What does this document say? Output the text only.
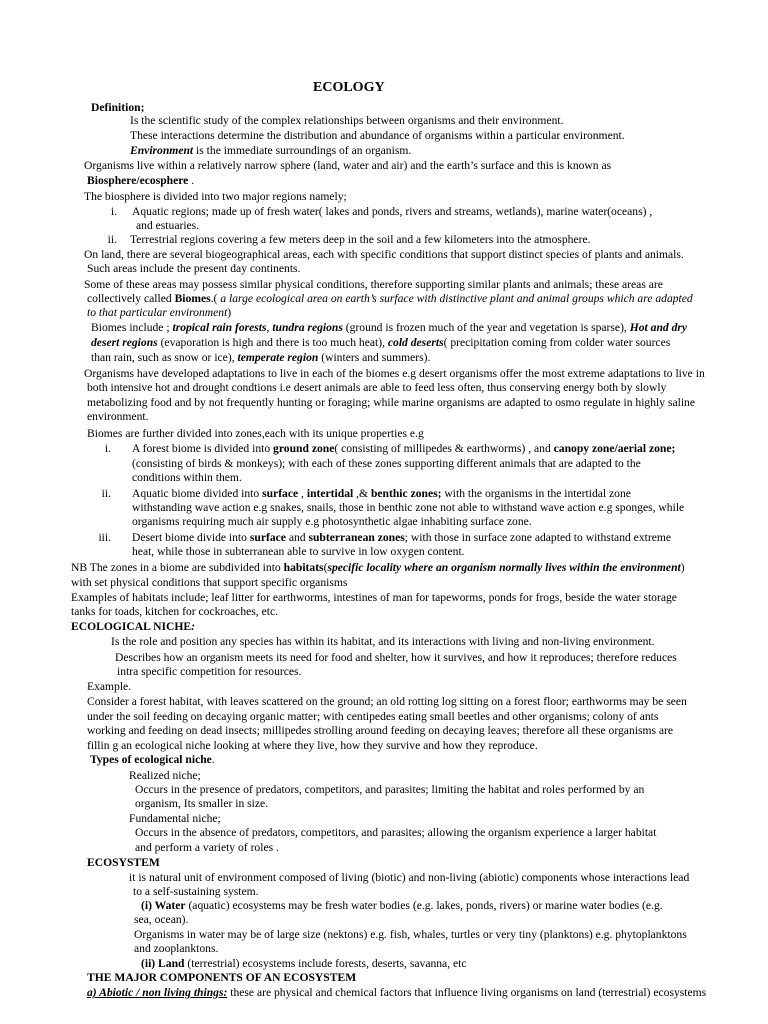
ECOLOGY
Definition;
Is the scientific study of the complex relationships between organisms and their environment.
These interactions determine the distribution and abundance of organisms within a particular environment.
Environment is the immediate surroundings of an organism.
Organisms live within a relatively narrow sphere (land, water and air) and the earth’s surface and this is known as
Biosphere/ecosphere .
The biosphere is divided into two major regions namely;
i. Aquatic regions; made up of fresh water( lakes and ponds, rivers and streams, wetlands), marine water(oceans) ,
and estuaries.
ii. Terrestrial regions covering a few meters deep in the soil and a few kilometers into the atmosphere.
On land, there are several biogeographical areas, each with specific conditions that support distinct species of plants and animals.
Such areas include the present day continents.
Some of these areas may possess similar physical conditions, therefore supporting similar plants and animals; these areas are
collectively called Biomes.( a large ecological area on earth’s surface with distinctive plant and animal groups which are adapted
to that particular environment)
Biomes include ; tropical rain forests, tundra regions (ground is frozen much of the year and vegetation is sparse), Hot and dry
desert regions (evaporation is high and there is too much heat), cold deserts( precipitation coming from colder water sources
than rain, such as snow or ice), temperate region (winters and summers).
Organisms have developed adaptations to live in each of the biomes e.g desert organisms offer the most extreme adaptations to live in
both intensive hot and drought condtions i.e desert animals are able to feed less often, thus conserving energy both by slowly
metabolizing food and by not frequently hunting or foraging; while marine organisms are adapted to osmo regulate in highly saline
environment.
Biomes are further divided into zones,each with its unique properties e.g
i. A forest biome is divided into ground zone( consisting of millipedes & earthworms) , and canopy zone/aerial zone;
(consisting of birds & monkeys); with each of these zones supporting different animals that are adapted to the
conditions within them.
ii. Aquatic biome divided into surface , intertidal ,& benthic zones; with the organisms in the intertidal zone
withstanding wave action e.g snakes, snails, those in benthic zone not able to withstand wave action e.g sponges, while
organisms requiring much air supply e.g photosynthetic algae inhabiting surface zone.
iii. Desert biome divide into surface and subterranean zones; with those in surface zone adapted to withstand extreme
heat, while those in subterranean able to survive in low oxygen content.
NB The zones in a biome are subdivided into habitats(specific locality where an organism normally lives within the environment)
with set physical conditions that support specific organisms
Examples of habitats include; leaf litter for earthworms, intestines of man for tapeworms, ponds for frogs, beside the water storage
tanks for toads, kitchen for cockroaches, etc.
ECOLOGICAL NICHE:
Is the role and position any species has within its habitat, and its interactions with living and non-living environment.
Describes how an organism meets its need for food and shelter, how it survives, and how it reproduces; therefore reduces
intra specific competition for resources.
Example.
Consider a forest habitat, with leaves scattered on the ground; an old rotting log sitting on a forest floor; earthworms may be seen
under the soil feeding on decaying organic matter; with centipedes eating small beetles and other organisms; colony of ants
working and feeding on dead insects; millipedes strolling around feeding on decaying leaves; therefore all these organisms are
fillin g an ecological niche looking at where they live, how they survive and how they reproduce.
Types of ecological niche.
Realized niche;
Occurs in the presence of predators, competitors, and parasites; limiting the habitat and roles performed by an
organism, Its smaller in size.
Fundamental niche;
Occurs in the absence of predators, competitors, and parasites; allowing the organism experience a larger habitat
and perform a variety of roles .
ECOSYSTEM
it is natural unit of environment composed of living (biotic) and non-living (abiotic) components whose interactions lead
to a self-sustaining system.
(i) Water (aquatic) ecosystems may be fresh water bodies (e.g. lakes, ponds, rivers) or marine water bodies (e.g.
sea, ocean).
Organisms in water may be of large size (nektons) e.g. fish, whales, turtles or very tiny (planktons) e.g. phytoplanktons
and zooplanktons.
(ii) Land (terrestrial) ecosystems include forests, deserts, savanna, etc
THE MAJOR COMPONENTS OF AN ECOSYSTEM
a) Abiotic / non living things: these are physical and chemical factors that influence living organisms on land (terrestrial) ecosystems
